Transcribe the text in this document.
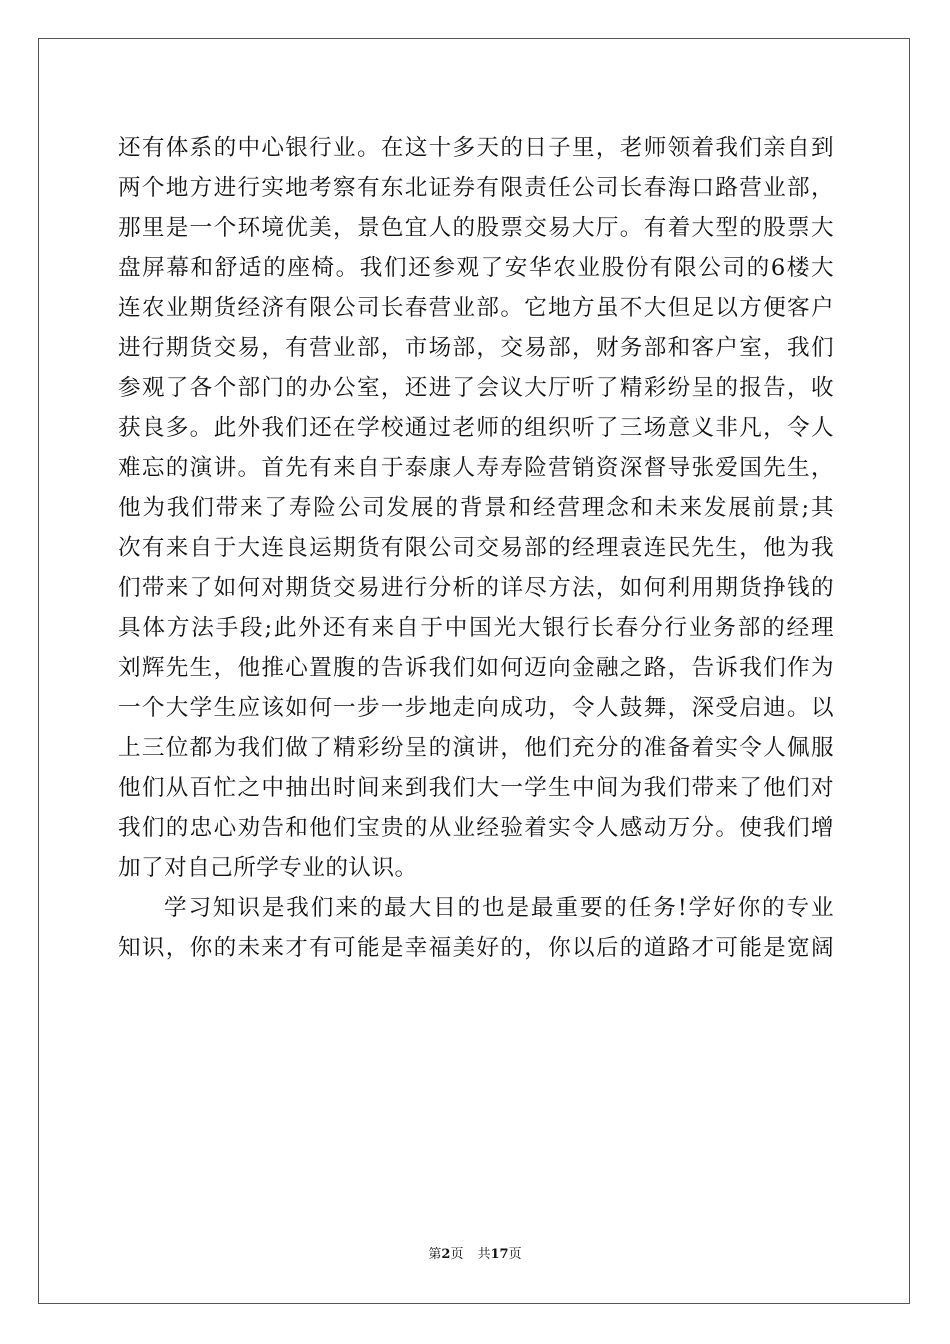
还有体系的中心银行业。在这十多天的日子里，老师领着我们亲自到
两个地方进行实地考察有东北证券有限责任公司长春海口路营业部，
那里是一个环境优美，景色宜人的股票交易大厅。有着大型的股票大
盘屏幕和舒适的座椅。我们还参观了安华农业股份有限公司的6楼大
连农业期货经济有限公司长春营业部。它地方虽不大但足以方便客户
进行期货交易，有营业部，市场部，交易部，财务部和客户室，我们
参观了各个部门的办公室，还进了会议大厅听了精彩纷呈的报告，收
获良多。此外我们还在学校通过老师的组织听了三场意义非凡，令人
难忘的演讲。首先有来自于泰康人寿寿险营销资深督导张爱国先生，
他为我们带来了寿险公司发展的背景和经营理念和未来发展前景;其
次有来自于大连良运期货有限公司交易部的经理袁连民先生，他为我
们带来了如何对期货交易进行分析的详尽方法，如何利用期货挣钱的
具体方法手段;此外还有来自于中国光大银行长春分行业务部的经理
刘辉先生，他推心置腹的告诉我们如何迈向金融之路，告诉我们作为
一个大学生应该如何一步一步地走向成功，令人鼓舞，深受启迪。以
上三位都为我们做了精彩纷呈的演讲，他们充分的准备着实令人佩服
他们从百忙之中抽出时间来到我们大一学生中间为我们带来了他们对
我们的忠心劝告和他们宝贵的从业经验着实令人感动万分。使我们增
加了对自己所学专业的认识。
学习知识是我们来的最大目的也是最重要的任务!学好你的专业
知识，你的未来才有可能是幸福美好的，你以后的道路才可能是宽阔
第2页 共17页
